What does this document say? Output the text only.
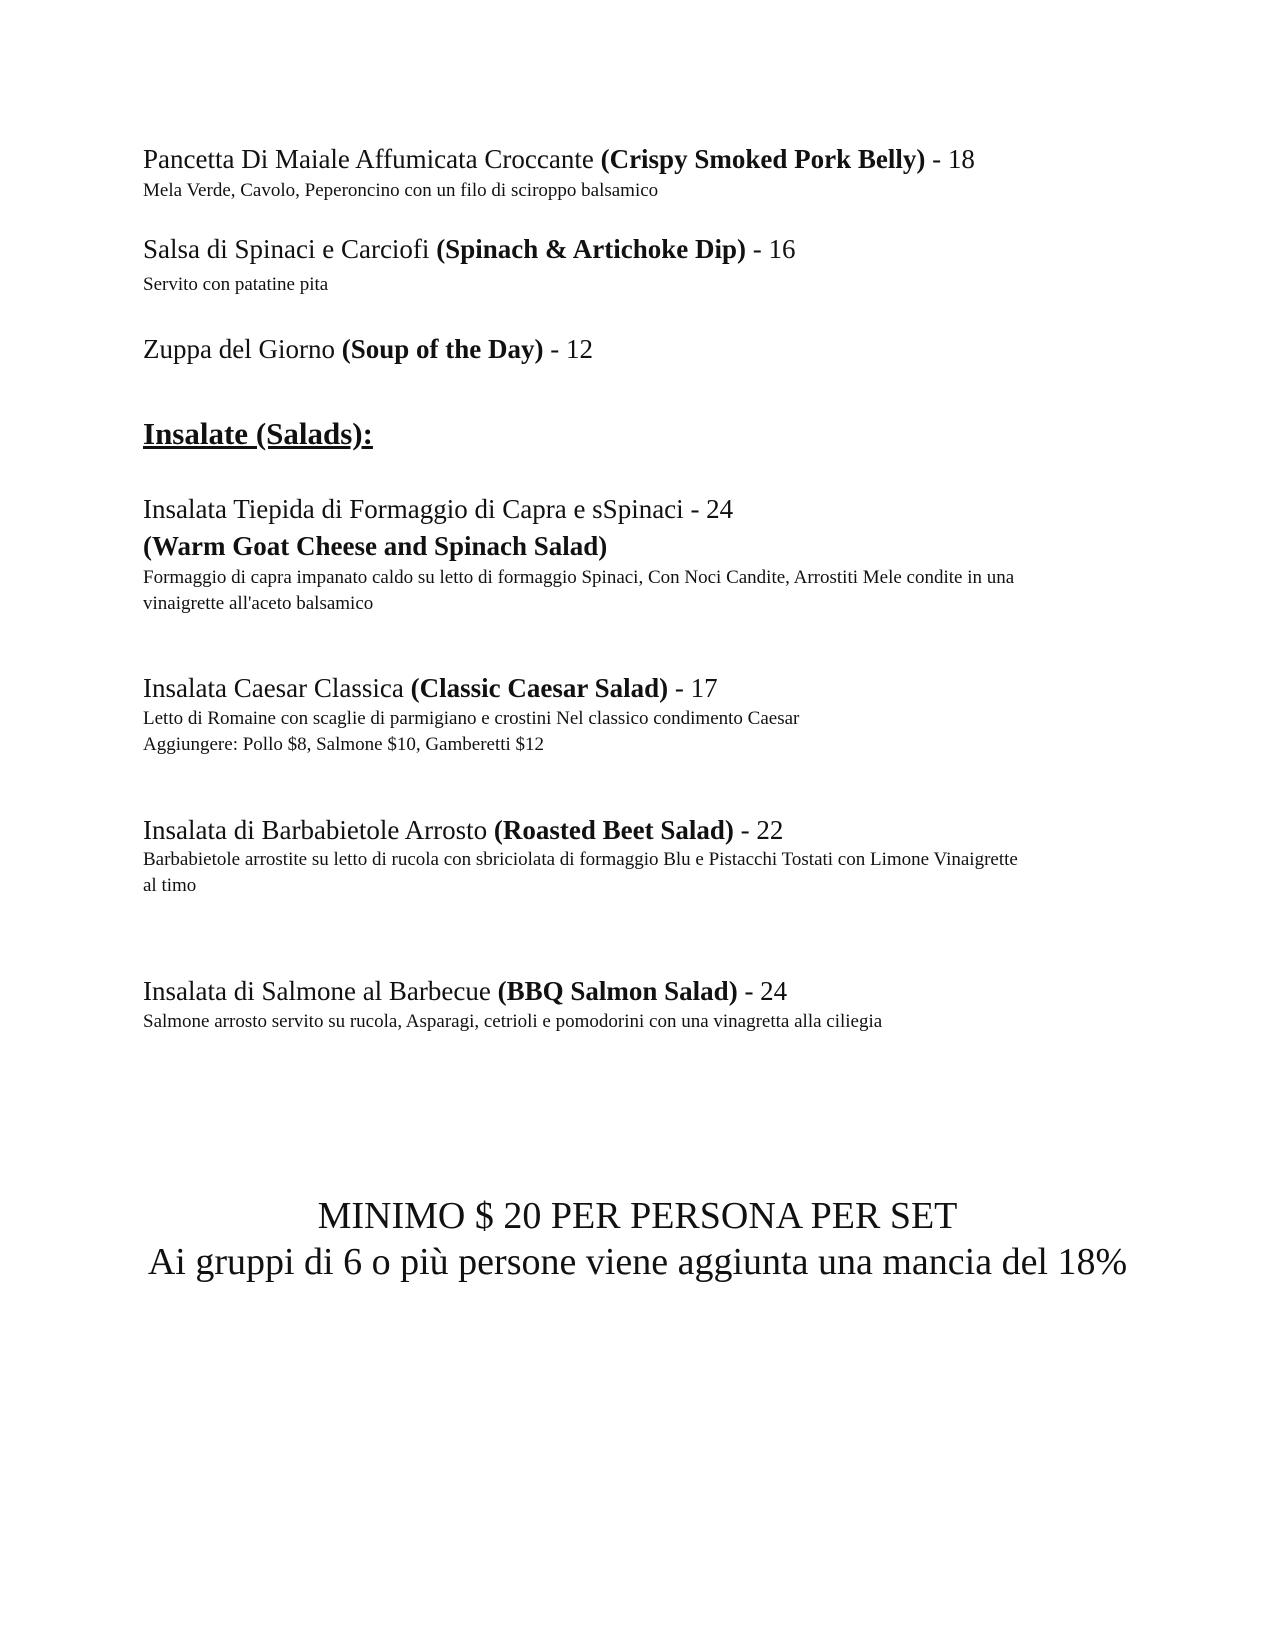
Pancetta Di Maiale Affumicata Croccante (Crispy Smoked Pork Belly) - 18
Mela Verde, Cavolo, Peperoncino con un filo di sciroppo balsamico
Salsa di Spinaci e Carciofi (Spinach & Artichoke Dip) - 16
Servito con patatine pita
Zuppa del Giorno (Soup of the Day) - 12
Insalate (Salads):
Insalata Tiepida di Formaggio di Capra e sSpinaci - 24
(Warm Goat Cheese and Spinach Salad)
Formaggio di capra impanato caldo su letto di formaggio Spinaci, Con Noci Candite, Arrostiti Mele condite in una
vinaigrette all'aceto balsamico
Insalata Caesar Classica (Classic Caesar Salad) - 17
Letto di Romaine con scaglie di parmigiano e crostini Nel classico condimento Caesar
Aggiungere: Pollo $8, Salmone $10, Gamberetti $12
Insalata di Barbabietole Arrosto (Roasted Beet Salad) - 22
Barbabietole arrostite su letto di rucola con sbriciolata di formaggio Blu e Pistacchi Tostati con Limone Vinaigrette
al timo
Insalata di Salmone al Barbecue (BBQ Salmon Salad) - 24
Salmone arrosto servito su rucola, Asparagi, cetrioli e pomodorini con una vinagretta alla ciliegia
MINIMO $ 20 PER PERSONA PER SET
Ai gruppi di 6 o più persone viene aggiunta una mancia del 18%
